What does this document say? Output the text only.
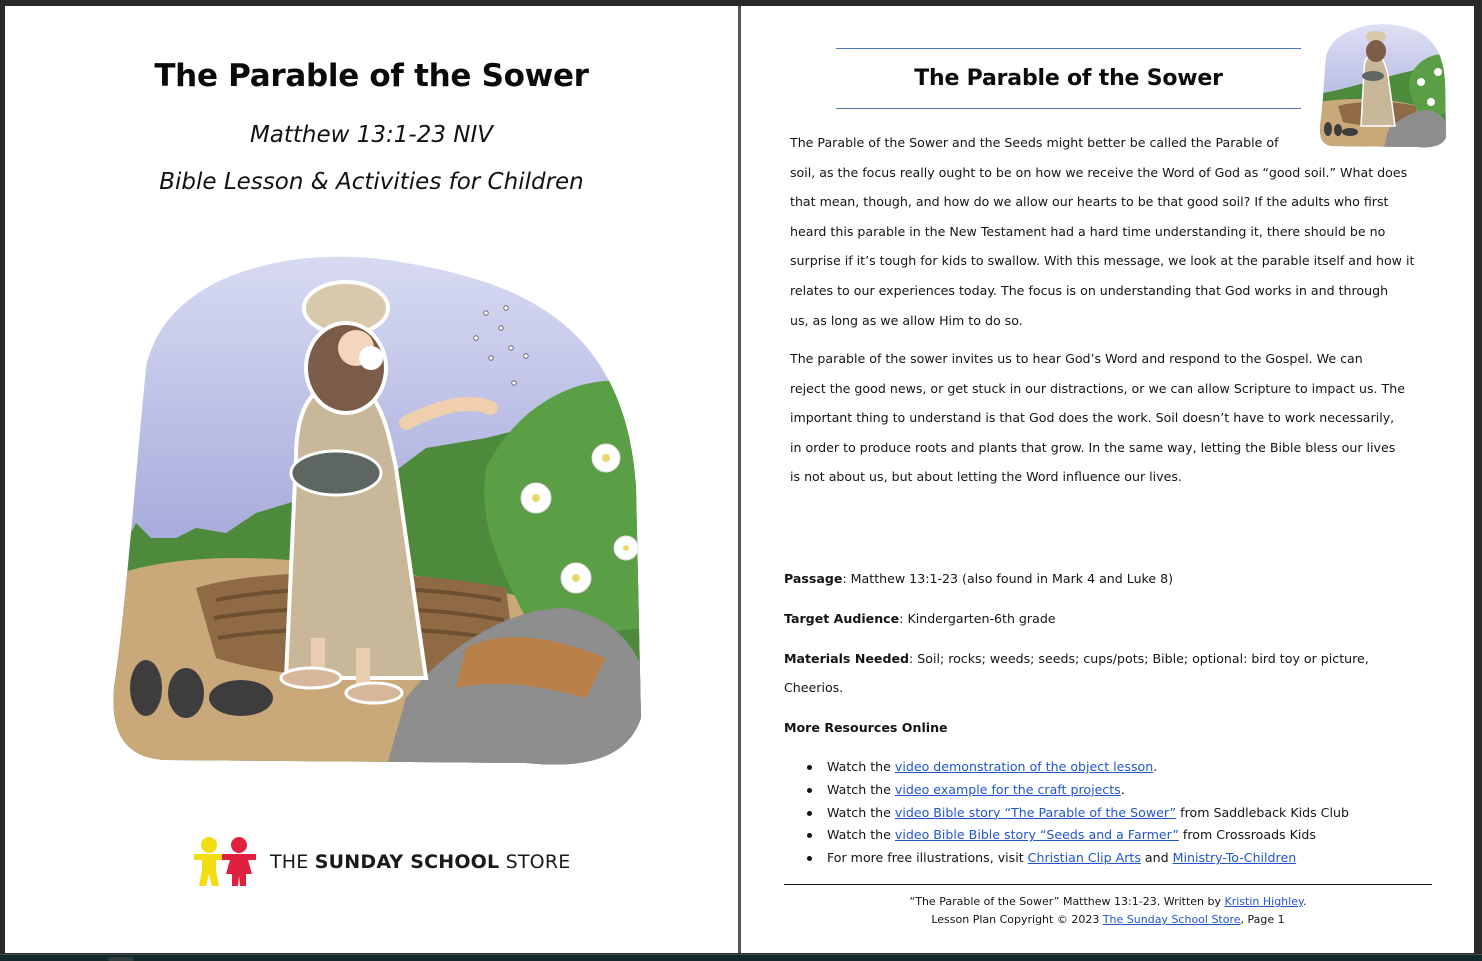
The Parable of the Sower
Matthew 13:1-23 NIV
Bible Lesson & Activities for Children
THE SUNDAY SCHOOL STORE
The Parable of the Sower
The Parable of the Sower and the Seeds might better be called the Parable of
soil, as the focus really ought to be on how we receive the Word of God as “good soil.” What does
that mean, though, and how do we allow our hearts to be that good soil? If the adults who first
heard this parable in the New Testament had a hard time understanding it, there should be no
surprise if it’s tough for kids to swallow. With this message, we look at the parable itself and how it
relates to our experiences today. The focus is on understanding that God works in and through
us, as long as we allow Him to do so.
The parable of the sower invites us to hear God’s Word and respond to the Gospel. We can
reject the good news, or get stuck in our distractions, or we can allow Scripture to impact us. The
important thing to understand is that God does the work. Soil doesn’t have to work necessarily,
in order to produce roots and plants that grow. In the same way, letting the Bible bless our lives
is not about us, but about letting the Word influence our lives.
Passage: Matthew 13:1-23 (also found in Mark 4 and Luke 8)
Target Audience: Kindergarten-6th grade
Materials Needed: Soil; rocks; weeds; seeds; cups/pots; Bible; optional: bird toy or picture,
Cheerios.
More Resources Online
Watch the video demonstration of the object lesson.
Watch the video example for the craft projects.
Watch the video Bible story “The Parable of the Sower” from Saddleback Kids Club
Watch the video Bible Bible story “Seeds and a Farmer” from Crossroads Kids
For more free illustrations, visit Christian Clip Arts and Ministry-To-Children
“The Parable of the Sower” Matthew 13:1-23. Written by Kristin Highley.
Lesson Plan Copyright © 2023 The Sunday School Store, Page 1
